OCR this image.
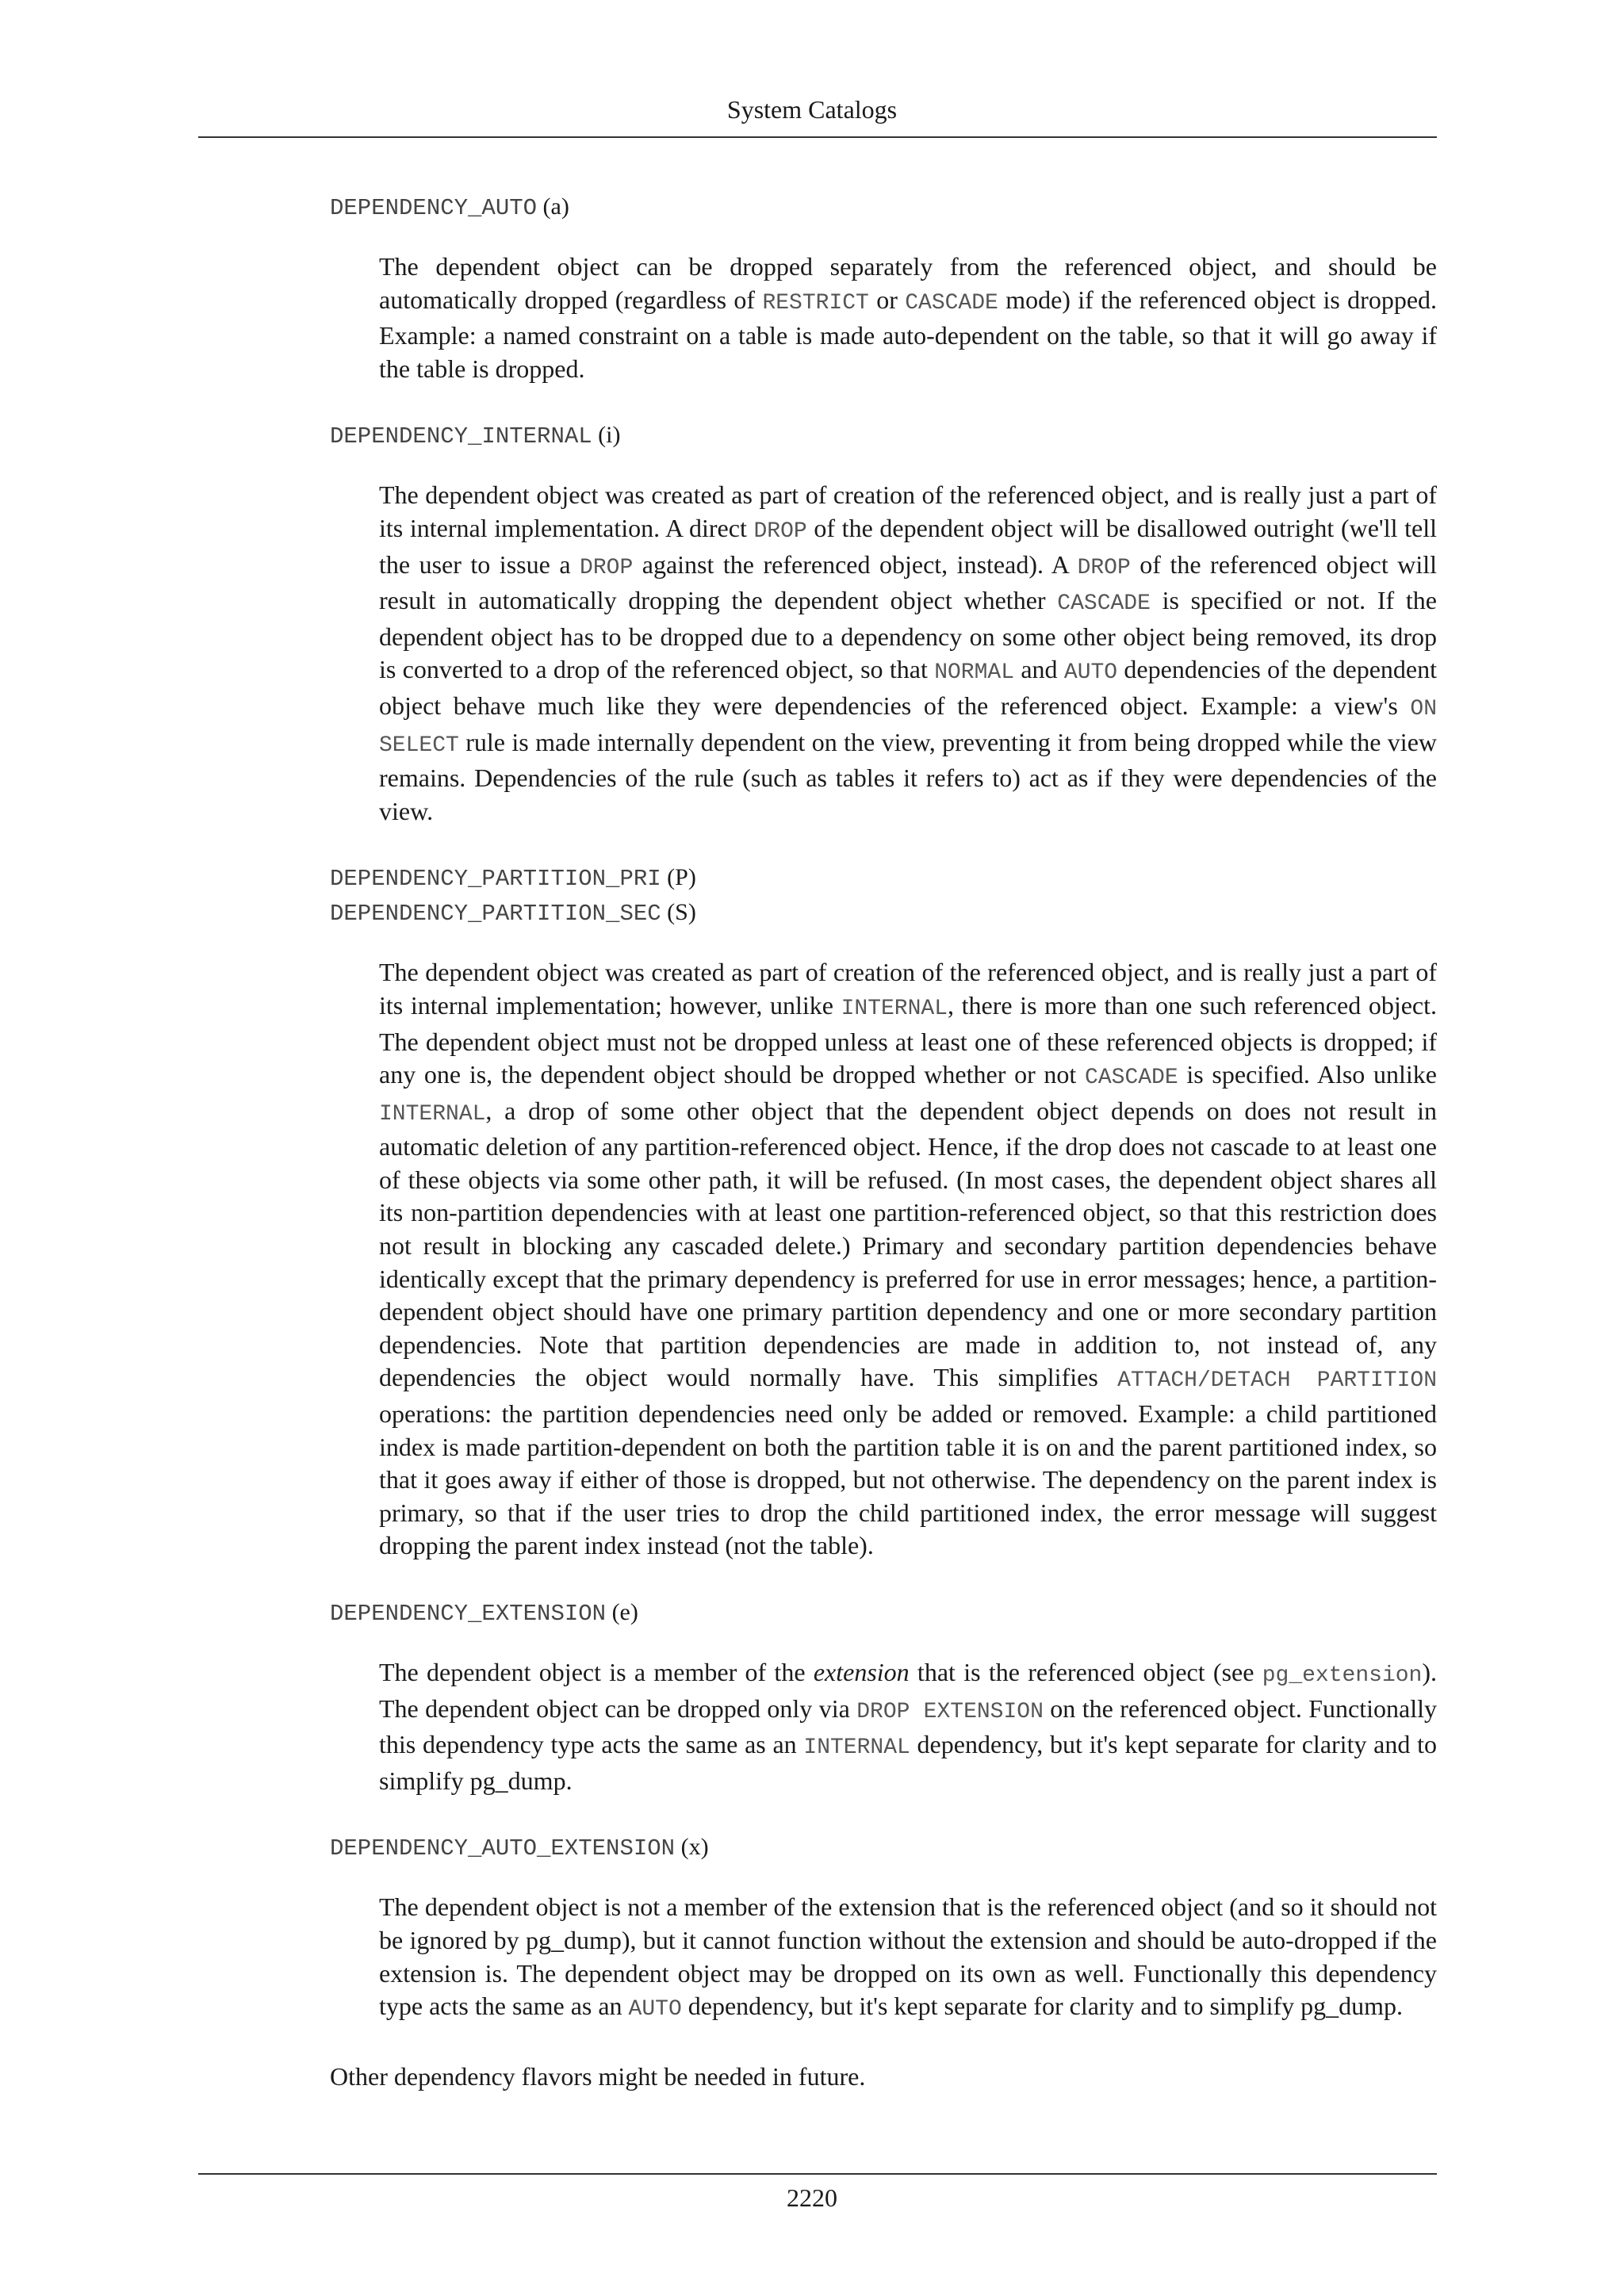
System Catalogs

DEPENDENCY_AUTO (a)

The dependent object can be dropped separately from the referenced object, and should be automatically dropped (regardless of RESTRICT or CASCADE mode) if the referenced object is dropped. Example: a named constraint on a table is made auto-dependent on the table, so that it will go away if the table is dropped.

DEPENDENCY_INTERNAL (i)

The dependent object was created as part of creation of the referenced object, and is really just a part of its internal implementation. A direct DROP of the dependent object will be disallowed outright (we'll tell the user to issue a DROP against the referenced object, instead). A DROP of the referenced object will result in automatically dropping the dependent object whether CASCADE is specified or not. If the dependent object has to be dropped due to a dependency on some other object being removed, its drop is converted to a drop of the referenced object, so that NORMAL and AUTO dependencies of the dependent object behave much like they were dependencies of the referenced object. Example: a view's ON SELECT rule is made internally dependent on the view, preventing it from being dropped while the view remains. Dependencies of the rule (such as tables it refers to) act as if they were dependencies of the view.

DEPENDENCY_PARTITION_PRI (P)

DEPENDENCY_PARTITION_SEC (S)

The dependent object was created as part of creation of the referenced object, and is really just a part of its internal implementation; however, unlike INTERNAL, there is more than one such referenced object. The dependent object must not be dropped unless at least one of these referenced objects is dropped; if any one is, the dependent object should be dropped whether or not CASCADE is specified. Also unlike INTERNAL, a drop of some other object that the dependent object depends on does not result in automatic deletion of any partition-referenced object. Hence, if the drop does not cascade to at least one of these objects via some other path, it will be refused. (In most cases, the dependent object shares all its non-partition dependencies with at least one partition-referenced object, so that this restriction does not result in blocking any cascaded delete.) Primary and secondary partition dependencies behave identically except that the primary dependency is preferred for use in error messages; hence, a partition-dependent object should have one primary partition dependency and one or more secondary partition dependencies. Note that partition dependencies are made in addition to, not instead of, any dependencies the object would normally have. This simplifies ATTACH/DETACH PARTITION operations: the partition dependencies need only be added or removed. Example: a child partitioned index is made partition-dependent on both the partition table it is on and the parent partitioned index, so that it goes away if either of those is dropped, but not otherwise. The dependency on the parent index is primary, so that if the user tries to drop the child partitioned index, the error message will suggest dropping the parent index instead (not the table).

DEPENDENCY_EXTENSION (e)

The dependent object is a member of the extension that is the referenced object (see pg_extension). The dependent object can be dropped only via DROP EXTENSION on the referenced object. Functionally this dependency type acts the same as an INTERNAL dependency, but it's kept separate for clarity and to simplify pg_dump.

DEPENDENCY_AUTO_EXTENSION (x)

The dependent object is not a member of the extension that is the referenced object (and so it should not be ignored by pg_dump), but it cannot function without the extension and should be auto-dropped if the extension is. The dependent object may be dropped on its own as well. Functionally this dependency type acts the same as an AUTO dependency, but it's kept separate for clarity and to simplify pg_dump.

Other dependency flavors might be needed in future.

2220
